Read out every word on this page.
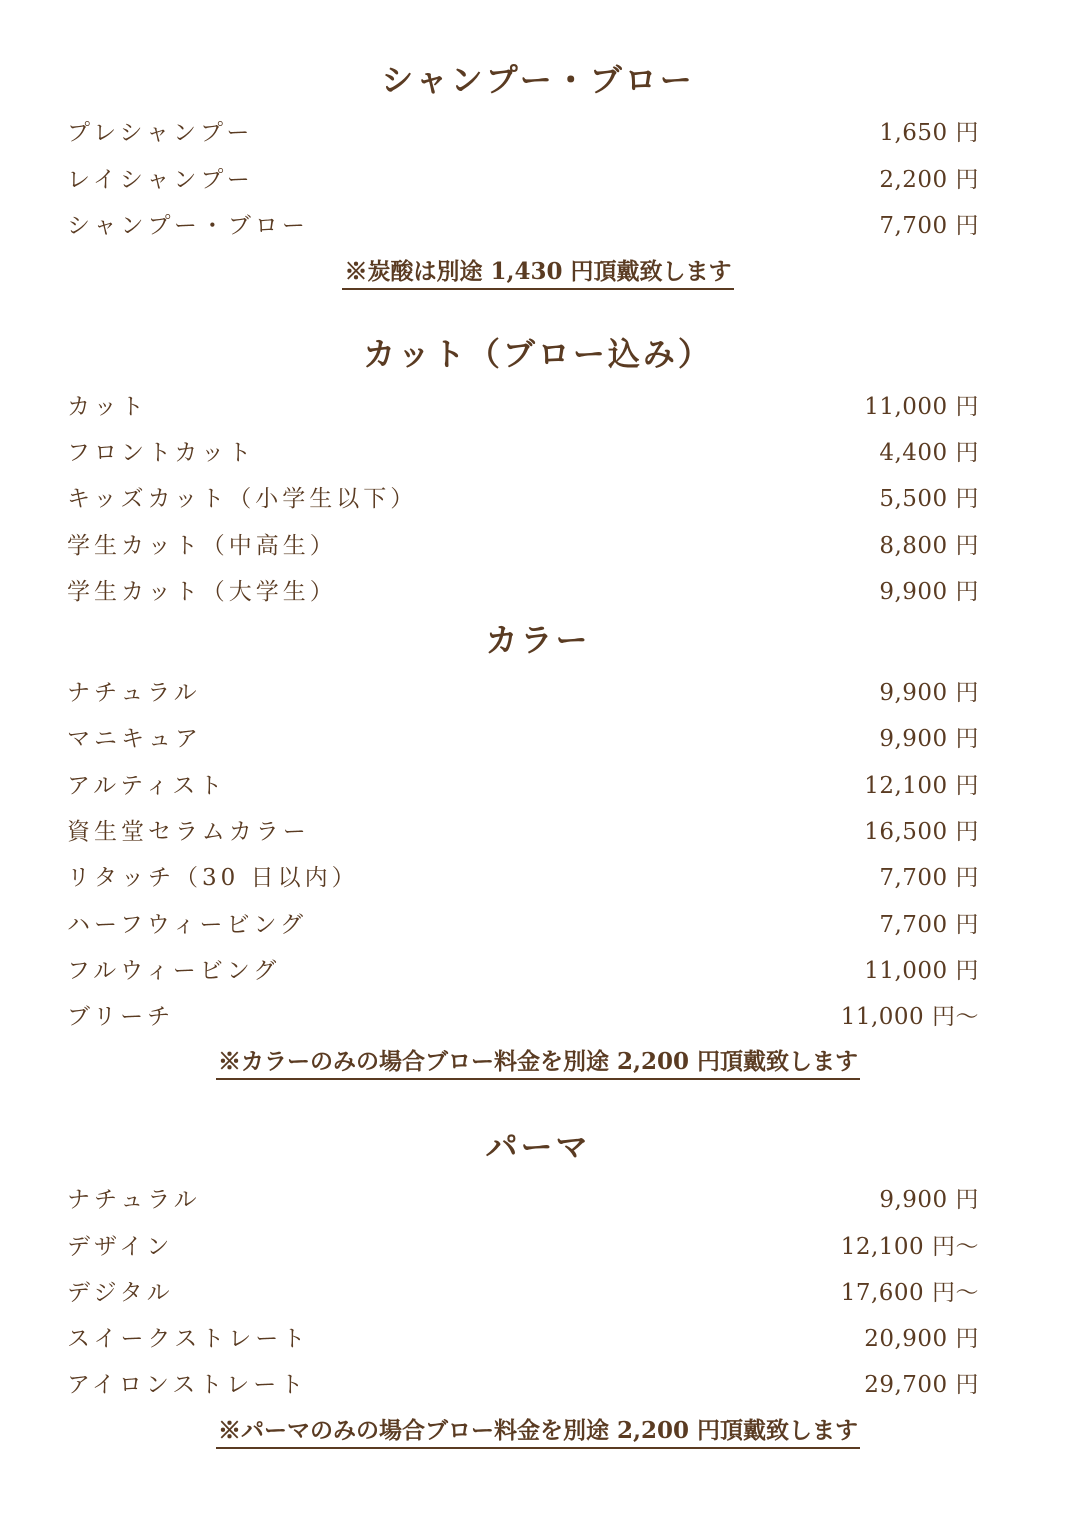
シャンプー・ブロー
プレシャンプー	1,650 円
レイシャンプー	2,200 円
シャンプー・ブロー	7,700 円
※炭酸は別途 1,430 円頂戴致します
カット（ブロー込み）
カット	11,000 円
フロントカット	4,400 円
キッズカット（小学生以下）	5,500 円
学生カット（中高生）	8,800 円
学生カット（大学生）	9,900 円
カラー
ナチュラル	9,900 円
マニキュア	9,900 円
アルティスト	12,100 円
資生堂セラムカラー	16,500 円
リタッチ（30 日以内）	7,700 円
ハーフウィービング	7,700 円
フルウィービング	11,000 円
ブリーチ	11,000 円〜
※カラーのみの場合ブロー料金を別途 2,200 円頂戴致します
パーマ
ナチュラル	9,900 円
デザイン	12,100 円〜
デジタル	17,600 円〜
スイークストレート	20,900 円
アイロンストレート	29,700 円
※パーマのみの場合ブロー料金を別途 2,200 円頂戴致します
